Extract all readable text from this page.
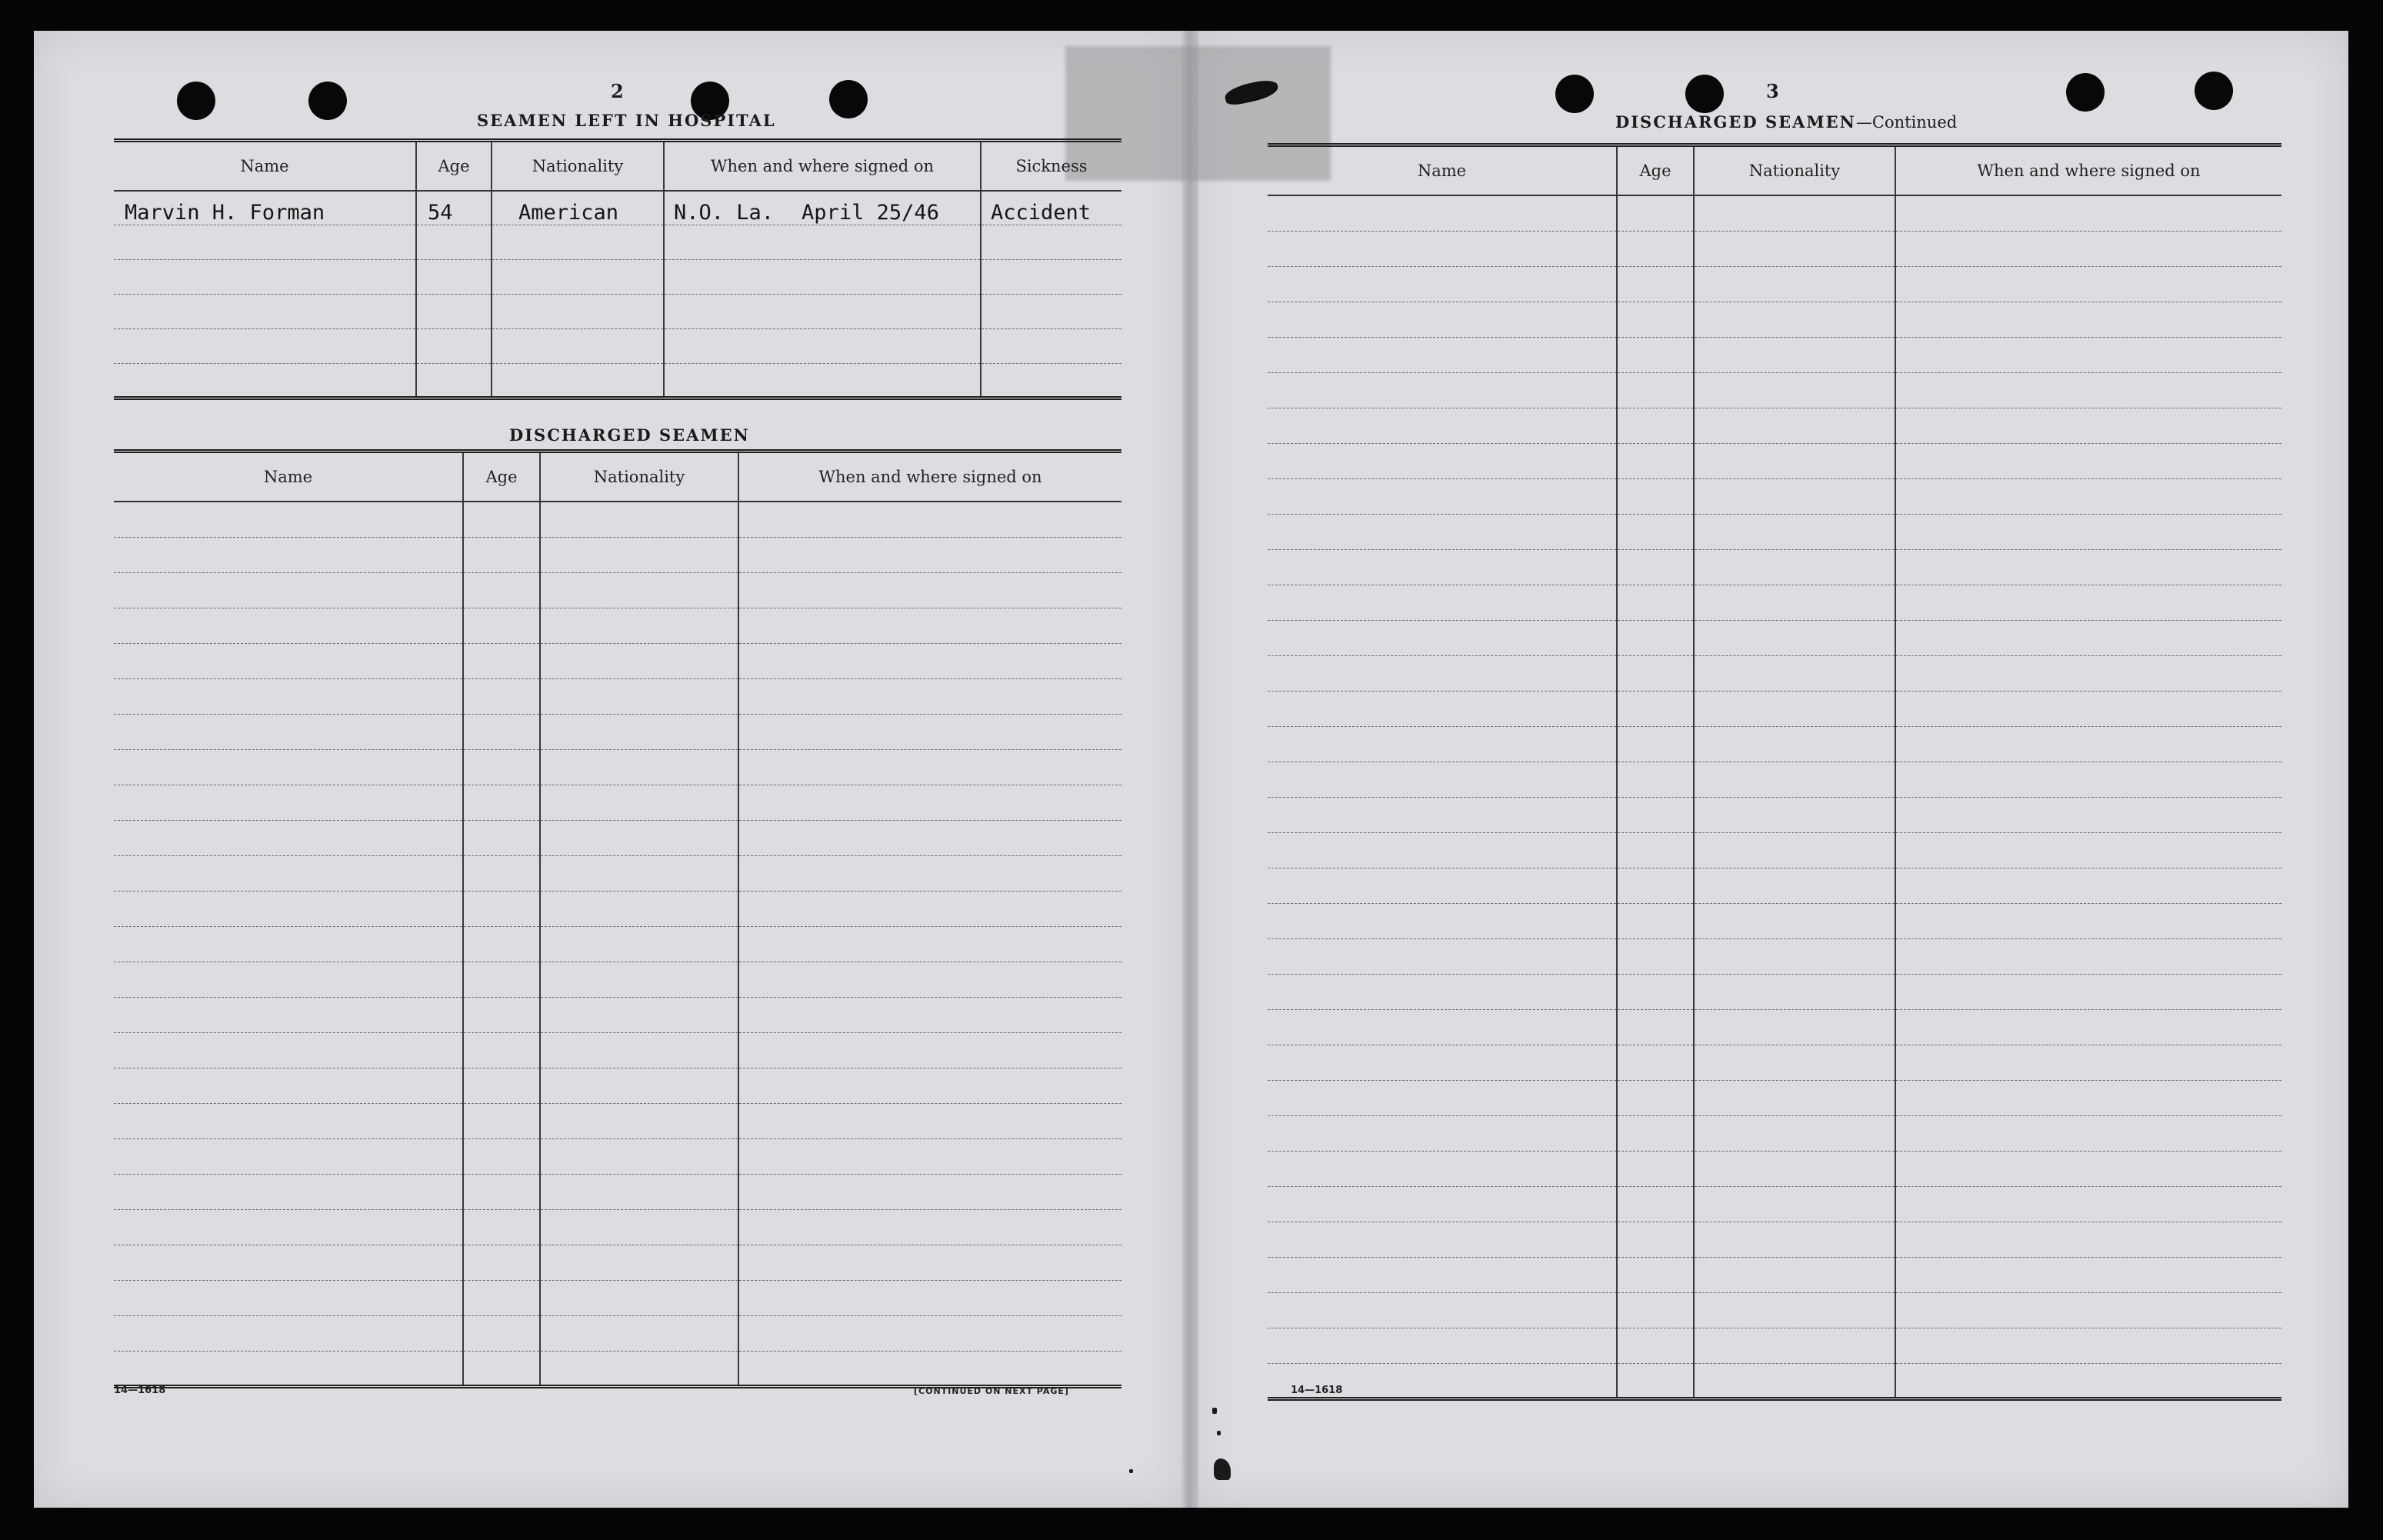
2

SEAMEN LEFT IN HOSPITAL

Name	Age	Nationality	When and where signed on	Sickness
Marvin H. Forman	54	American	N.O. La. April 25/46	Accident

DISCHARGED SEAMEN

Name	Age	Nationality	When and where signed on

14—1618	[CONTINUED ON NEXT PAGE]

3

DISCHARGED SEAMEN—Continued

Name	Age	Nationality	When and where signed on

14—1618
